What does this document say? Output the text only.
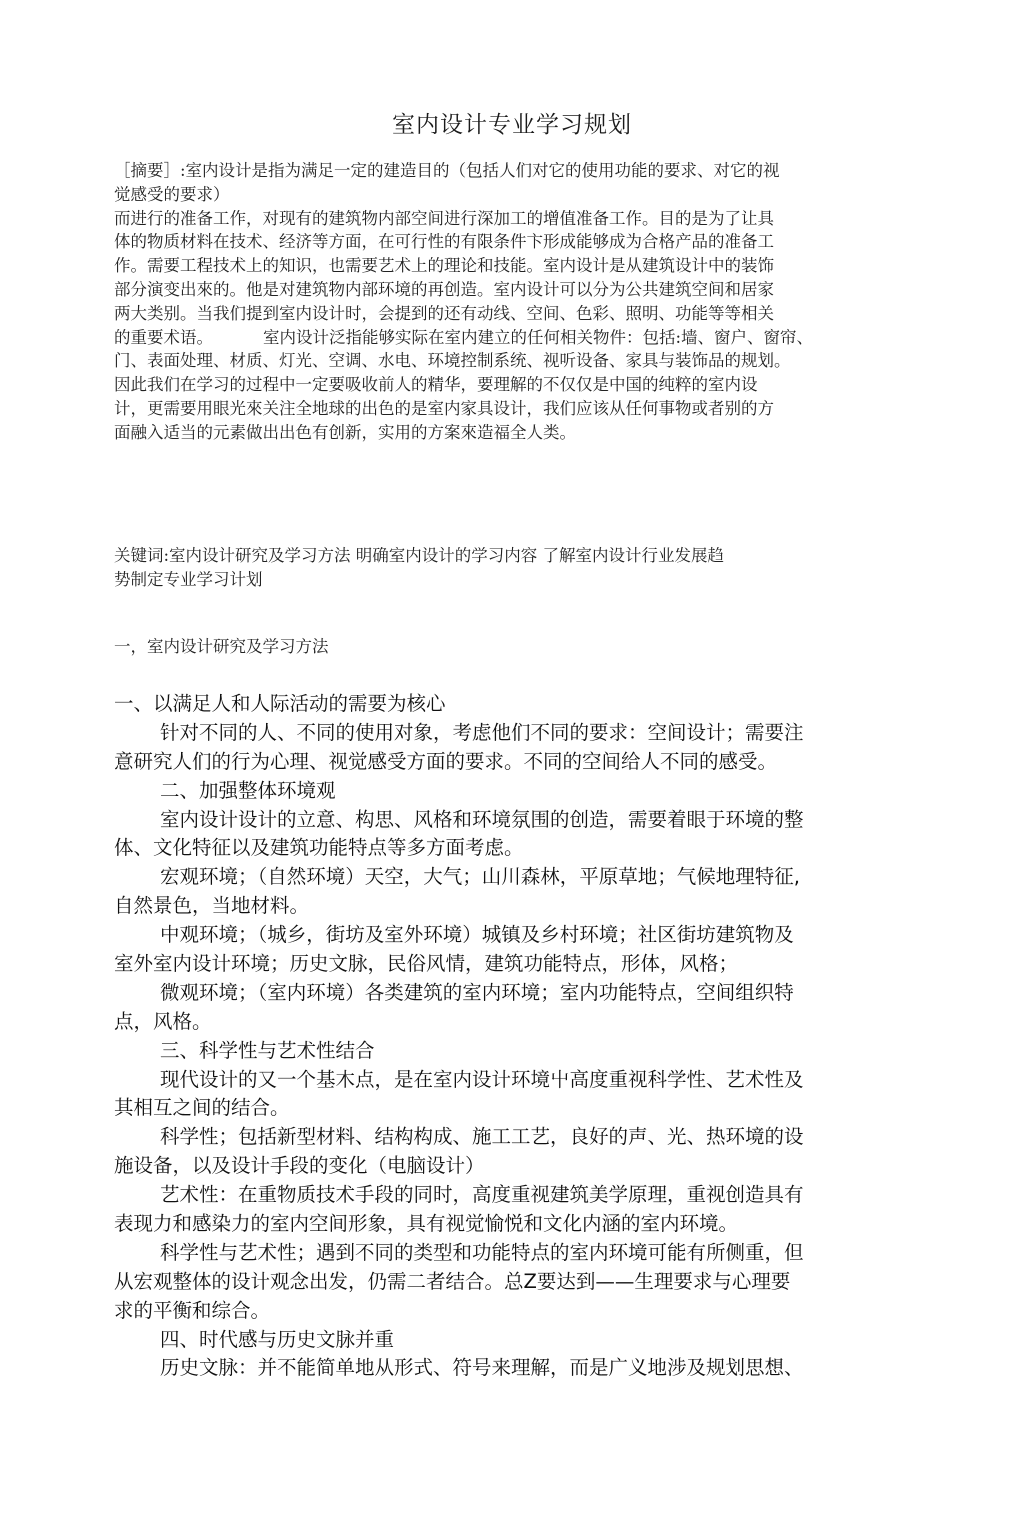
室内设计专业学习规划
［摘要］:室内设计是指为满足一定的建造目的（包括人们对它的使用功能的要求、对它的视
觉感受的要求）
而进行的准备工作，对现有的建筑物内部空间进行深加工的增值准备工作。目的是为了让具
体的物质材料在技术、经济等方面，在可行性的有限条件卞形成能够成为合格产品的准备工
作。需要工程技术上的知识，也需要艺术上的理论和技能。室内设计是从建筑设计中的装饰
部分演变出來的。他是对建筑物内部环境的再创造。室内设计可以分为公共建筑空间和居家
两大类别。当我们提到室内设计时，会提到的还有动线、空间、色彩、照明、功能等等相关
的重要术语。	室内设计泛指能够实际在室内建立的任何相关物件：包括:墙、窗户、窗帘、
门、表面处理、材质、灯光、空调、水电、环境控制系统、视听设备、家具与装饰品的规划。
因此我们在学习的过程中一定要吸收前人的精华，要理解的不仅仅是中国的纯粹的室内设
计，更需要用眼光來关注全地球的出色的是室内家具设计，我们应该从任何事物或者别的方
面融入适当的元素做出出色有创新，实用的方案來造福全人类。
关键词:室内设计研究及学习方法 明确室内设计的学习内容 了解室内设计行业发展趋
势制定专业学习计划
一，室内设计研究及学习方法
一、以满足人和人际活动的需要为核心
针对不同的人、不同的使用对象，考虑他们不同的要求：空间设计；需要注
意研究人们的行为心理、视觉感受方面的要求。不同的空间给人不同的感受。
二、加强整体环境观
室内设计设计的立意、构思、风格和环境氛围的创造，需要着眼于环境的整
体、文化特征以及建筑功能特点等多方面考虑。
宏观环境；（自然环境）天空，大气；山川森林，平原草地；气候地理特征,
自然景色，当地材料。
中观环境；（城乡，街坊及室外环境）城镇及乡村环境；社区街坊建筑物及
室外室内设计环境；历史文脉，民俗风情，建筑功能特点，形体，风格；
微观环境；（室内环境）各类建筑的室内环境；室内功能特点，空间组织特
点，风格。
三、科学性与艺术性结合
现代设计的又一个基木点，是在室内设计环境屮高度重视科学性、艺术性及
其相互之间的结合。
科学性；包括新型材料、结构构成、施工工艺，良好的声、光、热环境的设
施设备，以及设计手段的变化（电脑设计）
艺术性：在重物质技术手段的同时，高度重视建筑美学原理，重视创造具有
表现力和感染力的室内空间形象，具有视觉愉悦和文化内涵的室内环境。
科学性与艺术性；遇到不同的类型和功能特点的室内环境可能有所侧重，但
从宏观整体的设计观念出发，仍需二者结合。总Z要达到——生理要求与心理要
求的平衡和综合。
四、时代感与历史文脉并重
历史文脉：并不能简单地从形式、符号来理解，而是广义地涉及规划思想、
